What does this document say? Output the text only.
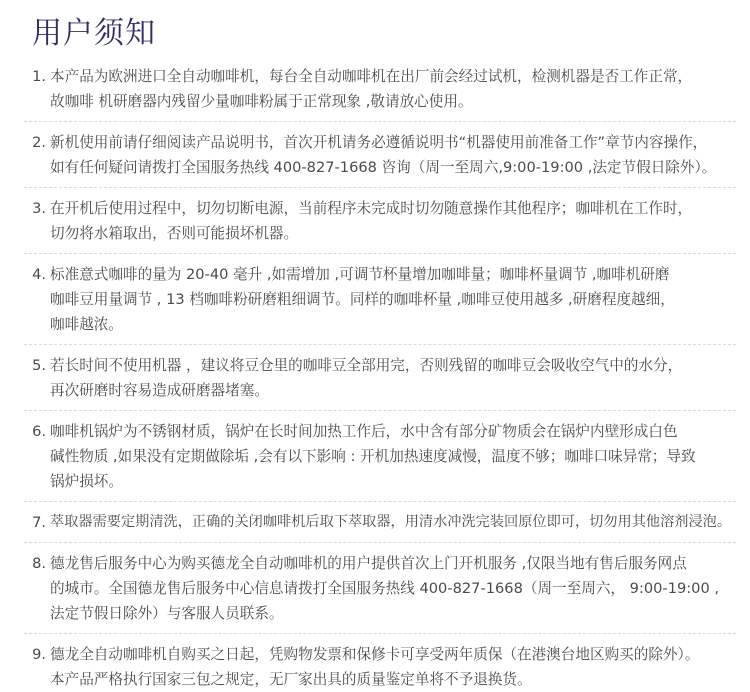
用户须知
1. 本产品为欧洲进口全自动咖啡机，每台全自动咖啡机在出厂前会经过试机，检测机器是否工作正常，
故咖啡 机研磨器内残留少量咖啡粉属于正常现象 ,敬请放心使用。
2. 新机使用前请仔细阅读产品说明书，首次开机请务必遵循说明书“机器使用前准备工作”章节内容操作，
如有任何疑问请拨打全国服务热线 400-827-1668 咨询（周一至周六,9:00-19:00 ,法定节假日除外）。
3. 在开机后使用过程中，切勿切断电源，当前程序未完成时切勿随意操作其他程序；咖啡机在工作时，
切勿将水箱取出，否则可能损坏机器。
4. 标准意式咖啡的量为 20-40 毫升 ,如需增加 ,可调节杯量增加咖啡量；咖啡杯量调节 ,咖啡机研磨
咖啡豆用量调节 , 13 档咖啡粉研磨粗细调节。同样的咖啡杯量 ,咖啡豆使用越多 ,研磨程度越细，
咖啡越浓。
5. 若长时间不使用机器 ，建议将豆仓里的咖啡豆全部用完，否则残留的咖啡豆会吸收空气中的水分，
再次研磨时容易造成研磨器堵塞。
6. 咖啡机锅炉为不锈钢材质，锅炉在长时间加热工作后，水中含有部分矿物质会在锅炉内壁形成白色
碱性物质 ,如果没有定期做除垢 ,会有以下影响 : 开机加热速度减慢，温度不够；咖啡口味异常；导致
锅炉损坏。
7. 萃取器需要定期清洗，正确的关闭咖啡机后取下萃取器，用清水冲洗完装回原位即可，切勿用其他溶剂浸泡。
8. 德龙售后服务中心为购买德龙全自动咖啡机的用户提供首次上门开机服务 ,仅限当地有售后服务网点
的城市。全国德龙售后服务中心信息请拨打全国服务热线 400-827-1668（周一至周六， 9:00-19:00 ,
法定节假日除外）与客服人员联系。
9. 德龙全自动咖啡机自购买之日起，凭购物发票和保修卡可享受两年质保（在港澳台地区购买的除外）。
本产品严格执行国家三包之规定，无厂家出具的质量鉴定单将不予退换货。
